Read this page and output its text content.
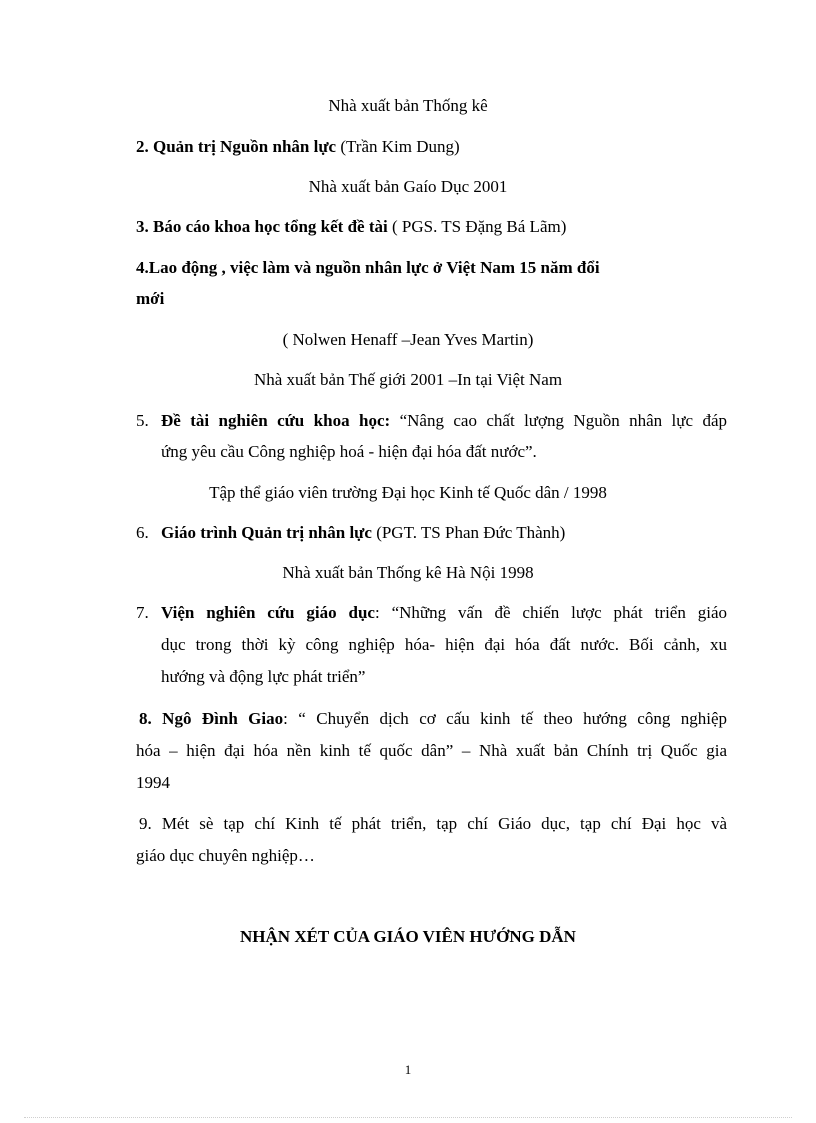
Nhà xuất bản Thống kê
2. Quản trị Nguồn nhân lực (Trần Kim Dung)
Nhà xuất bản Gaío Dục 2001
3. Báo cáo khoa học tổng kết đề tài ( PGS. TS Đặng Bá Lãm)
4.Lao động , việc làm và nguồn nhân lực ở Việt Nam 15 năm đổi
mới
( Nolwen Henaff –Jean Yves Martin)
Nhà xuất bản Thế giới 2001 –In tại Việt Nam
5. Đề tài nghiên cứu khoa học: “Nâng cao chất lượng Nguồn nhân lực đáp
ứng yêu cầu Công nghiệp hoá - hiện đại hóa đất nước”.
Tập thể giáo viên trường Đại học Kinh tế Quốc dân / 1998
6. Giáo trình Quản trị nhân lực (PGT. TS Phan Đức Thành)
Nhà xuất bản Thống kê Hà Nội 1998
7. Viện nghiên cứu giáo dục: “Những vấn đề chiến lược phát triển giáo
dục trong thời kỳ công nghiệp hóa- hiện đại hóa đất nước. Bối cảnh, xu
hướng và động lực phát triển”
8. Ngô Đình Giao: “ Chuyển dịch cơ cấu kinh tế theo hướng công nghiệp
hóa – hiện đại hóa nền kinh tế quốc dân” – Nhà xuất bản Chính trị Quốc gia
1994
9. Mét sè tạp chí Kinh tế phát triển, tạp chí Giáo dục, tạp chí Đại học và
giáo dục chuyên nghiệp…
NHẬN XÉT CỦA GIÁO VIÊN HƯỚNG DẪN
1
